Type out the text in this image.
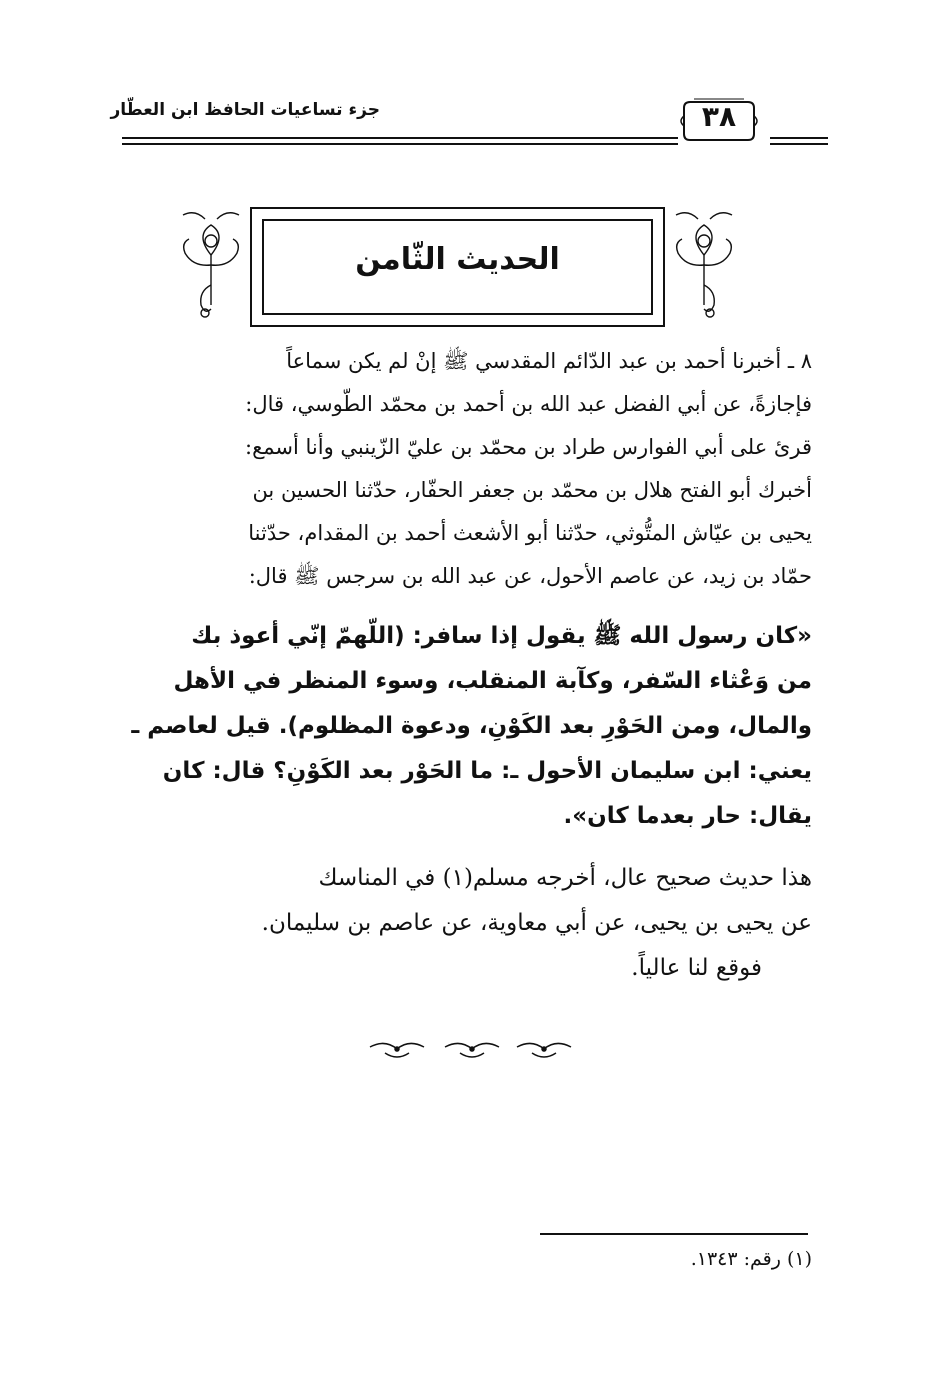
جزء تساعيات الحافظ ابن العطّار	٣٨
الحديث الثّامن
٨ ـ أخبرنا أحمد بن عبد الدّائم المقدسي ﷺ إنْ لم يكن سماعاً
فإجازةً، عن أبي الفضل عبد الله بن أحمد بن محمّد الطّوسي، قال:
قرئ على أبي الفوارس طراد بن محمّد بن عليّ الزّينبي وأنا أسمع:
أخبرك أبو الفتح هلال بن محمّد بن جعفر الحفّار، حدّثنا الحسين بن
يحيى بن عيّاش المتُّوثي، حدّثنا أبو الأشعث أحمد بن المقدام، حدّثنا
حمّاد بن زيد، عن عاصم الأحول، عن عبد الله بن سرجس ﷺ قال:
«كان رسول الله ﷺ يقول إذا سافر: (اللّهمّ إنّي أعوذ بك
من وَعْثاء السّفر، وكآبة المنقلب، وسوء المنظر في الأهل
والمال، ومن الحَوْرِ بعد الكَوْنِ، ودعوة المظلوم). قيل لعاصم ـ
يعني: ابن سليمان الأحول ـ: ما الحَوْر بعد الكَوْنِ؟ قال: كان
يقال: حار بعدما كان».
هذا حديث صحيح عال، أخرجه مسلم(١) في المناسك
عن يحيى بن يحيى، عن أبي معاوية، عن عاصم بن سليمان.
فوقع لنا عالياً.
(١) رقم: ١٣٤٣.
